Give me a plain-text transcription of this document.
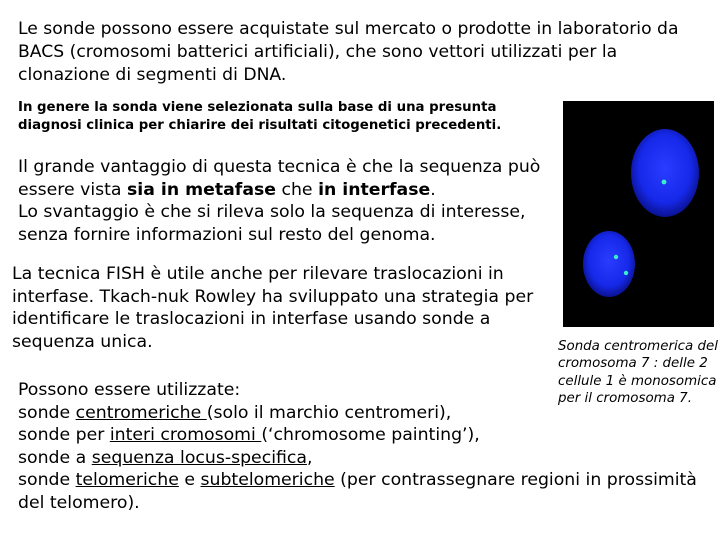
Le sonde possono essere acquistate sul mercato o prodotte in laboratorio da BACS (cromosomi batterici artificiali), che sono vettori utilizzati per la clonazione di segmenti di DNA.

In genere la sonda viene selezionata sulla base di una presunta diagnosi clinica per chiarire dei risultati citogenetici precedenti.

Il grande vantaggio di questa tecnica è che la sequenza può essere vista sia in metafase che in interfase.
Lo svantaggio è che si rileva solo la sequenza di interesse, senza fornire informazioni sul resto del genoma.

La tecnica FISH è utile anche per rilevare traslocazioni in interfase. Tkach-nuk Rowley ha sviluppato una strategia per identificare le traslocazioni in interfase usando sonde a sequenza unica.

Possono essere utilizzate:
sonde centromeriche (solo il marchio centromeri),
sonde per interi cromosomi (‘chromosome painting’),
sonde a sequenza locus-specifica,
sonde telomeriche e subtelomeriche (per contrassegnare regioni in prossimità del telomero).

Sonda centromerica del cromosoma 7 : delle 2 cellule 1 è monosomica per il cromosoma 7.
